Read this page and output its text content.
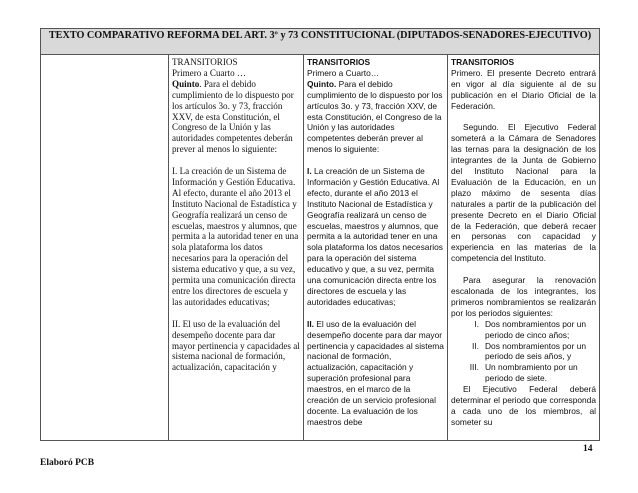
TEXTO COMPARATIVO REFORMA DEL ART. 3º y 73 CONSTITUCIONAL (DIPUTADOS-SENADORES-EJECUTIVO)

TRANSITORIOS

Primero a Cuarto …

Quinto. Para el debido cumplimiento de lo dispuesto por los artículos 3o. y 73, fracción XXV, de esta Constitución, el Congreso de la Unión y las autoridades competentes deberán prever al menos lo siguiente:

I. La creación de un Sistema de Información y Gestión Educativa. Al efecto, durante el año 2013 el Instituto Nacional de Estadística y Geografía realizará un censo de escuelas, maestros y alumnos, que permita a la autoridad tener en una sola plataforma los datos necesarios para la operación del sistema educativo y que, a su vez, permita una comunicación directa entre los directores de escuela y las autoridades educativas;

II. El uso de la evaluación del desempeño docente para dar mayor pertinencia y capacidades al sistema nacional de formación, actualización, capacitación y

TRANSITORIOS

Primero a Cuarto…

Quinto. Para el debido cumplimiento de lo dispuesto por los artículos 3o. y 73, fracción XXV, de esta Constitución, el Congreso de la Unión y las autoridades competentes deberán prever al menos lo siguiente:

I. La creación de un Sistema de Información y Gestión Educativa. Al efecto, durante el año 2013 el Instituto Nacional de Estadística y Geografía realizará un censo de escuelas, maestros y alumnos, que permita a la autoridad tener en una sola plataforma los datos necesarios para la operación del sistema educativo y que, a su vez, permita una comunicación directa entre los directores de escuela y las autoridades educativas;

II. El uso de la evaluación del desempeño docente para dar mayor pertinencia y capacidades al sistema nacional de formación, actualización, capacitación y superación profesional para maestros, en el marco de la creación de un servicio profesional docente. La evaluación de los maestros debe

TRANSITORIOS

Primero. El presente Decreto entrará en vigor al día siguiente al de su publicación en el Diario Oficial de la Federación.

Segundo. El Ejecutivo Federal someterá a la Cámara de Senadores las ternas para la designación de los integrantes de la Junta de Gobierno del Instituto Nacional para la Evaluación de la Educación, en un plazo máximo de sesenta días naturales a partir de la publicación del presente Decreto en el Diario Oficial de la Federación, que deberá recaer en personas con capacidad y experiencia en las materias de la competencia del Instituto.

Para asegurar la renovación escalonada de los integrantes, los primeros nombramientos se realizarán por los periodos siguientes:

I. Dos nombramientos por un periodo de cinco años;
II. Dos nombramientos por un periodo de seis años, y
III. Un nombramiento por un periodo de siete.

El Ejecutivo Federal deberá determinar el periodo que corresponda a cada uno de los miembros, al someter su

14
Elaboró PCB
